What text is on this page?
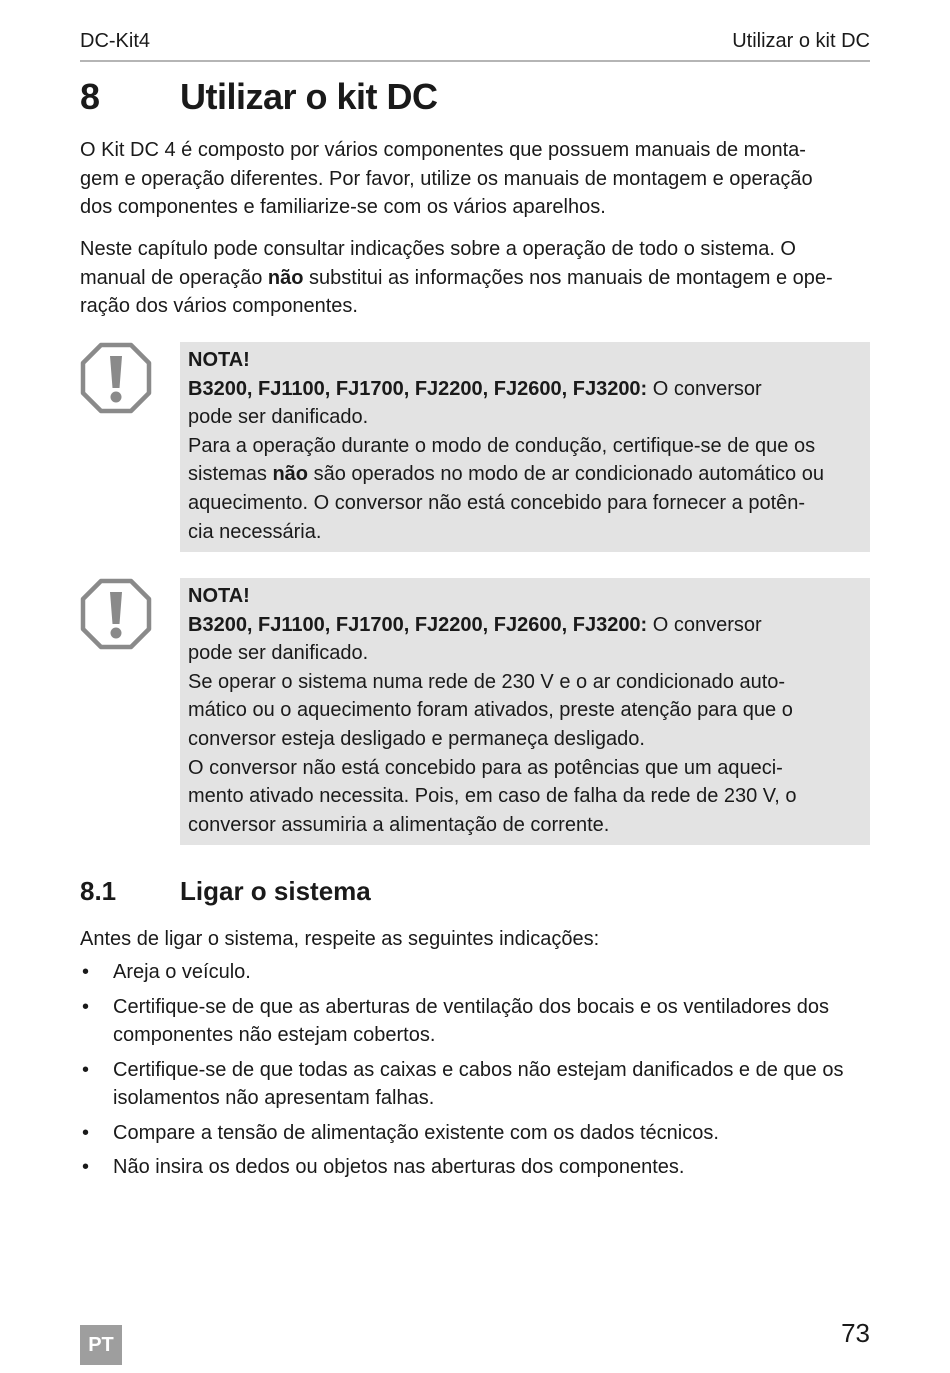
DC-Kit4	Utilizar o kit DC
8 Utilizar o kit DC

O Kit DC 4 é composto por vários componentes que possuem manuais de monta-
gem e operação diferentes. Por favor, utilize os manuais de montagem e operação
dos componentes e familiarize-se com os vários aparelhos.

Neste capítulo pode consultar indicações sobre a operação de todo o sistema. O
manual de operação não substitui as informações nos manuais de montagem e ope-
ração dos vários componentes.

NOTA!
B3200, FJ1100, FJ1700, FJ2200, FJ2600, FJ3200: O conversor
pode ser danificado.
Para a operação durante o modo de condução, certifique-se de que os
sistemas não são operados no modo de ar condicionado automático ou
aquecimento. O conversor não está concebido para fornecer a potên-
cia necessária.
NOTA!
B3200, FJ1100, FJ1700, FJ2200, FJ2600, FJ3200: O conversor
pode ser danificado.
Se operar o sistema numa rede de 230 V e o ar condicionado auto-
mático ou o aquecimento foram ativados, preste atenção para que o
conversor esteja desligado e permaneça desligado.
O conversor não está concebido para as potências que um aqueci-
mento ativado necessita. Pois, em caso de falha da rede de 230 V, o
conversor assumiria a alimentação de corrente.
8.1 Ligar o sistema

Antes de ligar o sistema, respeite as seguintes indicações:

• Areja o veículo.
• Certifique-se de que as aberturas de ventilação dos bocais e os ventiladores dos
componentes não estejam cobertos.
• Certifique-se de que todas as caixas e cabos não estejam danificados e de que os
isolamentos não apresentam falhas.
• Compare a tensão de alimentação existente com os dados técnicos.
• Não insira os dedos ou objetos nas aberturas dos componentes.
PT	73
